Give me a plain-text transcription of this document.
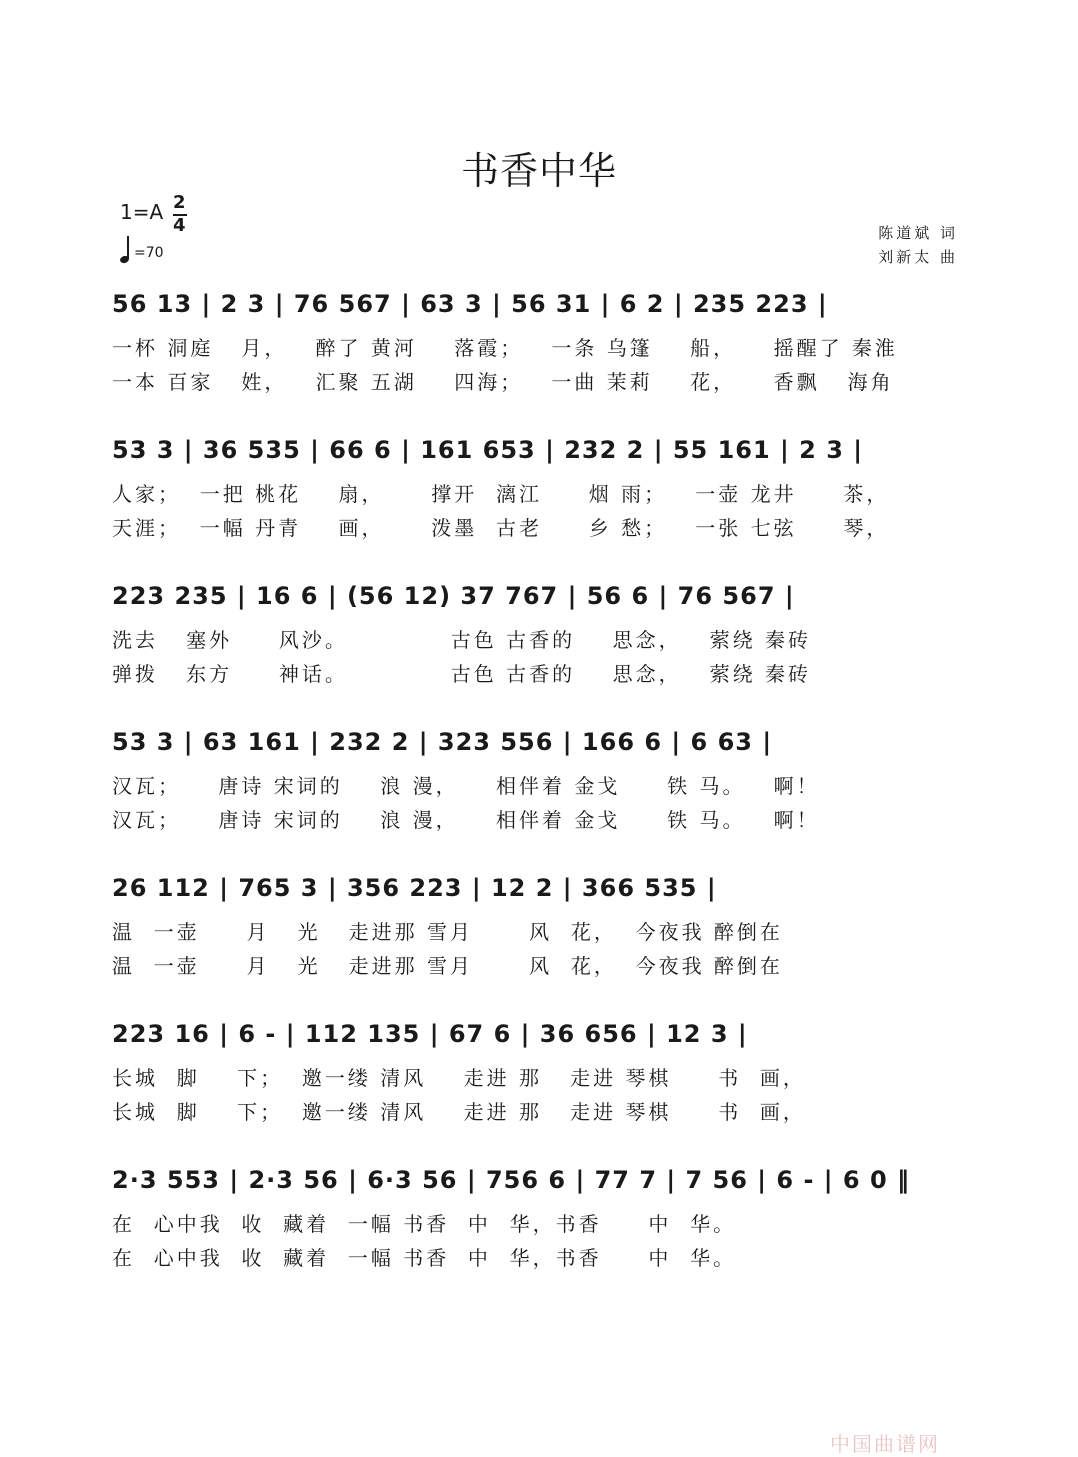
书香中华
1=A 2
4
=70
陈道斌 词
刘新太 曲
56 13 | 2 3 | 76 567 | 63 3 | 56 31 | 6 2 | 235 223 |
一杯 洞庭   月，   醉了 黄河    落霞；   一条 乌篷    船，    摇醒了 秦淮
一本 百家   姓，   汇聚 五湖    四海；   一曲 茉莉    花，    香飘   海角
53 3 | 36 535 | 66 6 | 161 653 | 232 2 | 55 161 | 2 3 |
人家；  一把 桃花    扇，     撑开  漓江     烟 雨；   一壶 龙井     茶，
天涯；  一幅 丹青    画，     泼墨  古老     乡 愁；   一张 七弦     琴，
223 235 | 16 6 | (56 12) 37 767 | 56 6 | 76 567 |
洗去   塞外     风沙。           古色 古香的    思念，   萦绕 秦砖
弹拨   东方     神话。           古色 古香的    思念，   萦绕 秦砖
53 3 | 63 161 | 232 2 | 323 556 | 166 6 | 6 63 |
汉瓦；    唐诗 宋词的    浪 漫，    相伴着 金戈     铁 马。   啊！
汉瓦；    唐诗 宋词的    浪 漫，    相伴着 金戈     铁 马。   啊！
26 112 | 765 3 | 356 223 | 12 2 | 366 535 |
温  一壶     月   光   走进那 雪月      风  花，  今夜我 醉倒在
温  一壶     月   光   走进那 雪月      风  花，  今夜我 醉倒在
223 16 | 6 - | 112 135 | 67 6 | 36 656 | 12 3 |
长城  脚    下；  邀一缕 清风    走进 那   走进 琴棋     书  画，
长城  脚    下；  邀一缕 清风    走进 那   走进 琴棋     书  画，
2·3 553 | 2·3 56 | 6·3 56 | 756 6 | 77 7 | 7 56 | 6 - | 6 0 ‖
在  心中我  收  藏着  一幅 书香  中  华，书香     中  华。
在  心中我  收  藏着  一幅 书香  中  华，书香     中  华。
中国曲谱网
